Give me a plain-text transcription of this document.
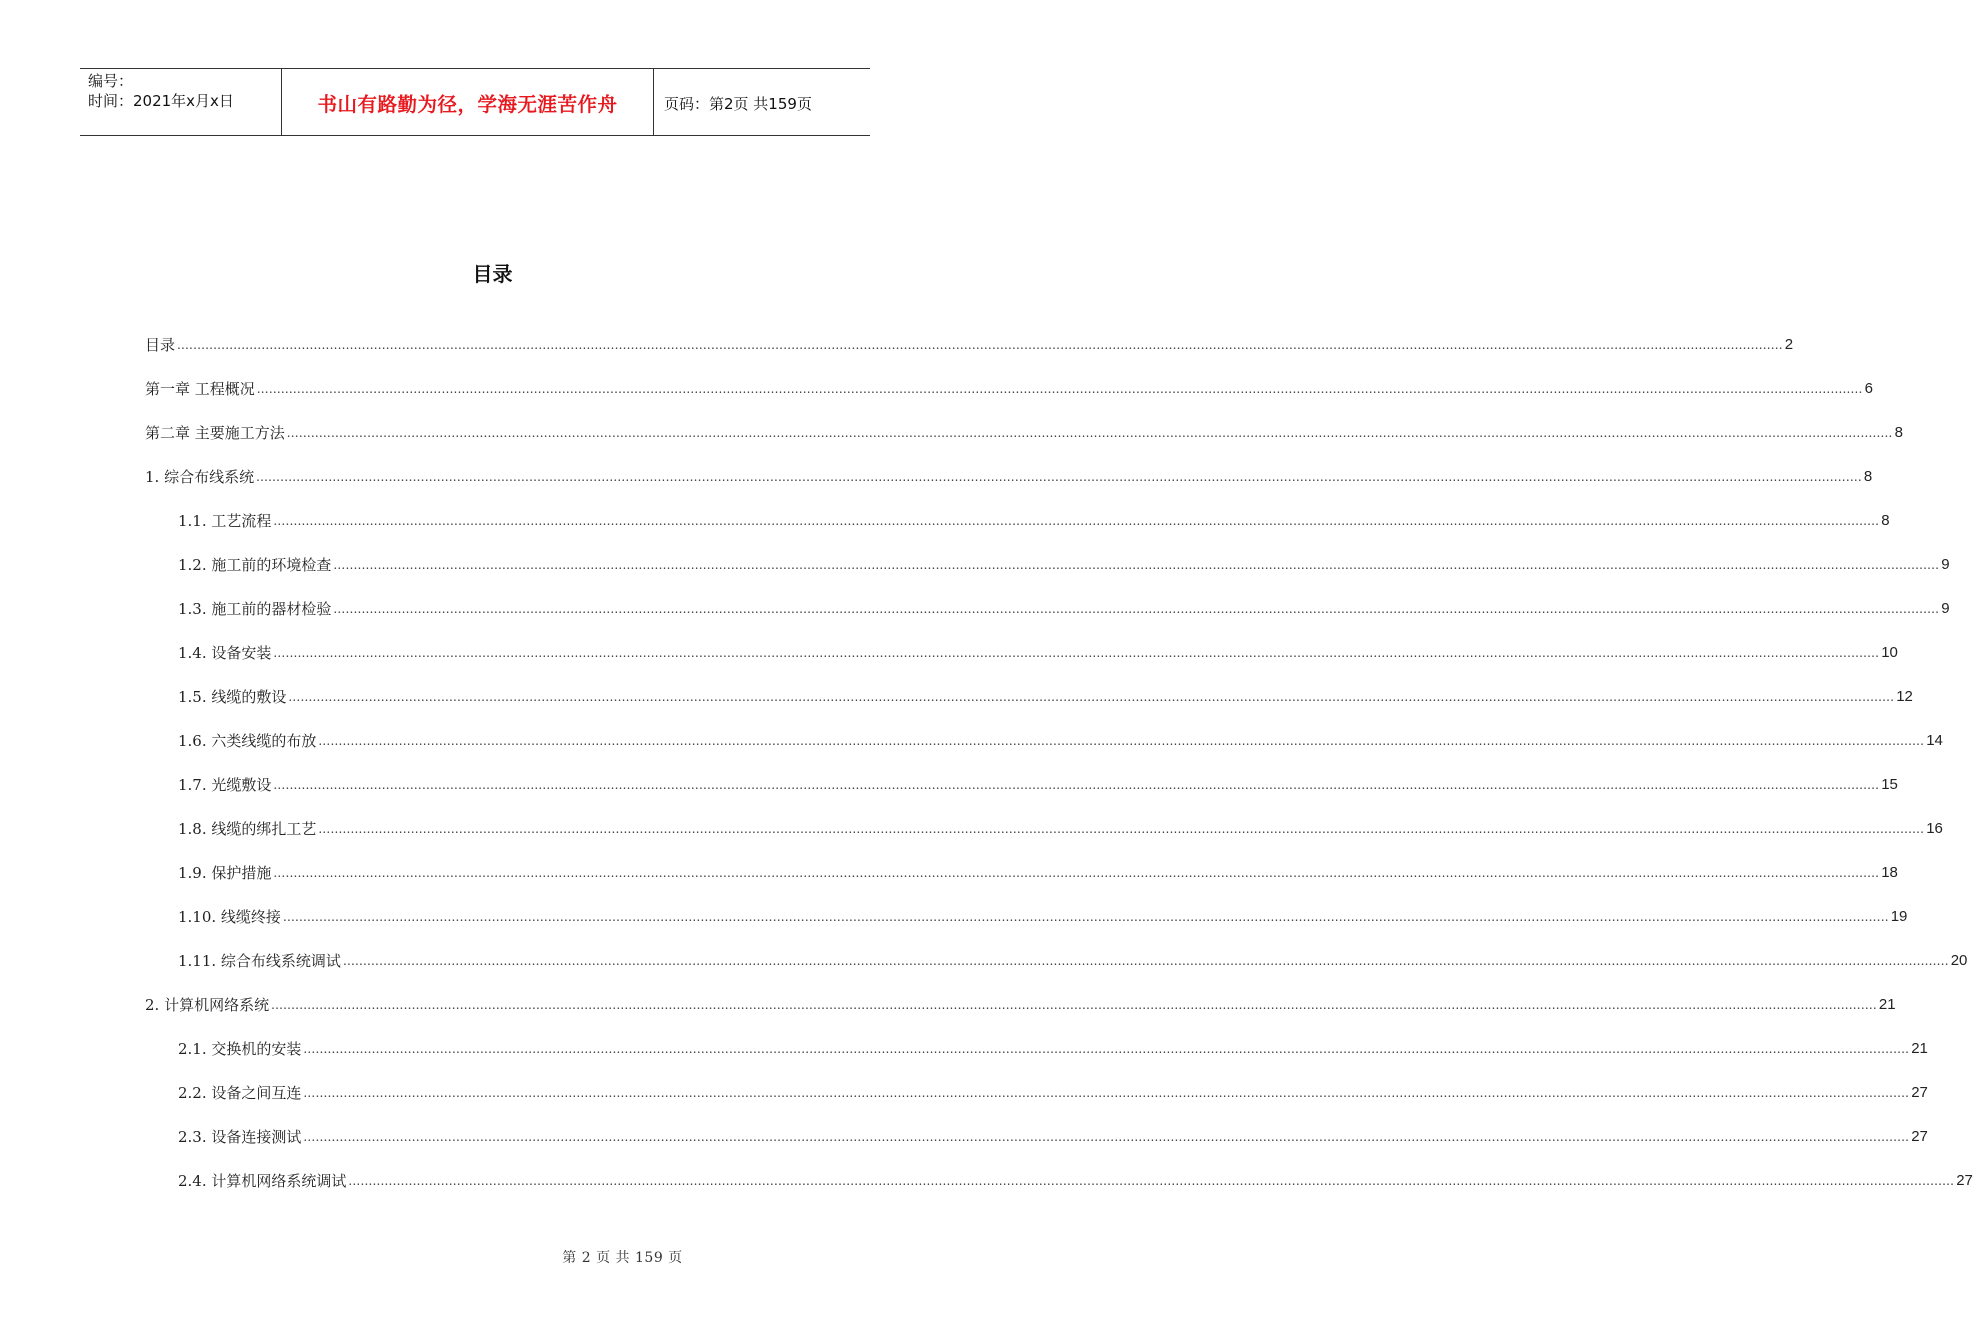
编号：
时间：2021年x月x日	书山有路勤为径，学海无涯苦作舟	页码：第2页 共159页
目录
目录 ................................................................................................................................................................................................................................................................................................................................................................................................................ 2
第一章 工程概况 ................................................................................................................................................................................................................................................................................................................................................................................................................ 6
第二章 主要施工方法 ................................................................................................................................................................................................................................................................................................................................................................................................................ 8
1. 综合布线系统 ................................................................................................................................................................................................................................................................................................................................................................................................................ 8
1.1. 工艺流程 ................................................................................................................................................................................................................................................................................................................................................................................................................ 8
1.2. 施工前的环境检查 ................................................................................................................................................................................................................................................................................................................................................................................................................ 9
1.3. 施工前的器材检验 ................................................................................................................................................................................................................................................................................................................................................................................................................ 9
1.4. 设备安装 ................................................................................................................................................................................................................................................................................................................................................................................................................ 10
1.5. 线缆的敷设 ................................................................................................................................................................................................................................................................................................................................................................................................................ 12
1.6. 六类线缆的布放 ................................................................................................................................................................................................................................................................................................................................................................................................................ 14
1.7. 光缆敷设 ................................................................................................................................................................................................................................................................................................................................................................................................................ 15
1.8. 线缆的绑扎工艺 ................................................................................................................................................................................................................................................................................................................................................................................................................ 16
1.9. 保护措施 ................................................................................................................................................................................................................................................................................................................................................................................................................ 18
1.10. 线缆终接 ................................................................................................................................................................................................................................................................................................................................................................................................................ 19
1.11. 综合布线系统调试 ................................................................................................................................................................................................................................................................................................................................................................................................................ 20
2. 计算机网络系统 ................................................................................................................................................................................................................................................................................................................................................................................................................ 21
2.1. 交换机的安装 ................................................................................................................................................................................................................................................................................................................................................................................................................ 21
2.2. 设备之间互连 ................................................................................................................................................................................................................................................................................................................................................................................................................ 27
2.3. 设备连接测试 ................................................................................................................................................................................................................................................................................................................................................................................................................ 27
2.4. 计算机网络系统调试 ................................................................................................................................................................................................................................................................................................................................................................................................................ 27
第 2 页 共 159 页
